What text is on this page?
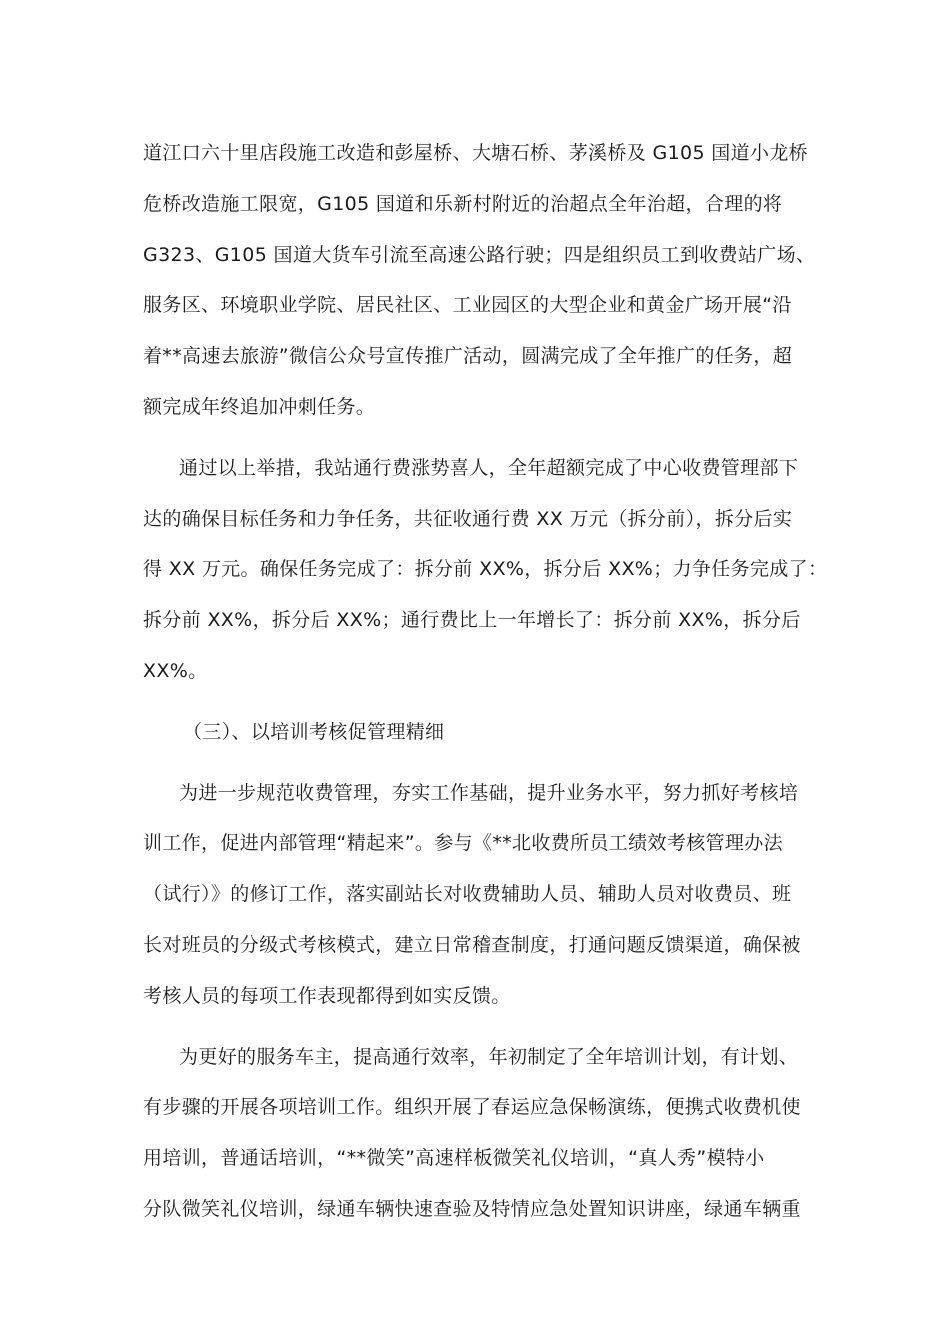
道江口六十里店段施工改造和彭屋桥、大塘石桥、茅溪桥及 G105 国道小龙桥
危桥改造施工限宽，G105 国道和乐新村附近的治超点全年治超，合理的将
G323、G105 国道大货车引流至高速公路行驶；四是组织员工到收费站广场、
服务区、环境职业学院、居民社区、工业园区的大型企业和黄金广场开展“沿
着**高速去旅游”微信公众号宣传推广活动，圆满完成了全年推广的任务，超
额完成年终追加冲刺任务。
通过以上举措，我站通行费涨势喜人，全年超额完成了中心收费管理部下
达的确保目标任务和力争任务，共征收通行费 XX 万元（拆分前），拆分后实
得 XX 万元。确保任务完成了：拆分前 XX%，拆分后 XX%；力争任务完成了：
拆分前 XX%，拆分后 XX%；通行费比上一年增长了：拆分前 XX%，拆分后
XX%。
（三）、以培训考核促管理精细
为进一步规范收费管理，夯实工作基础，提升业务水平，努力抓好考核培
训工作，促进内部管理“精起来”。参与《**北收费所员工绩效考核管理办法
（试行）》的修订工作，落实副站长对收费辅助人员、辅助人员对收费员、班
长对班员的分级式考核模式，建立日常稽查制度，打通问题反馈渠道，确保被
考核人员的每项工作表现都得到如实反馈。
为更好的服务车主，提高通行效率，年初制定了全年培训计划，有计划、
有步骤的开展各项培训工作。组织开展了春运应急保畅演练，便携式收费机使
用培训，普通话培训，“**微笑”高速样板微笑礼仪培训，“真人秀”模特小
分队微笑礼仪培训，绿通车辆快速查验及特情应急处置知识讲座，绿通车辆重
